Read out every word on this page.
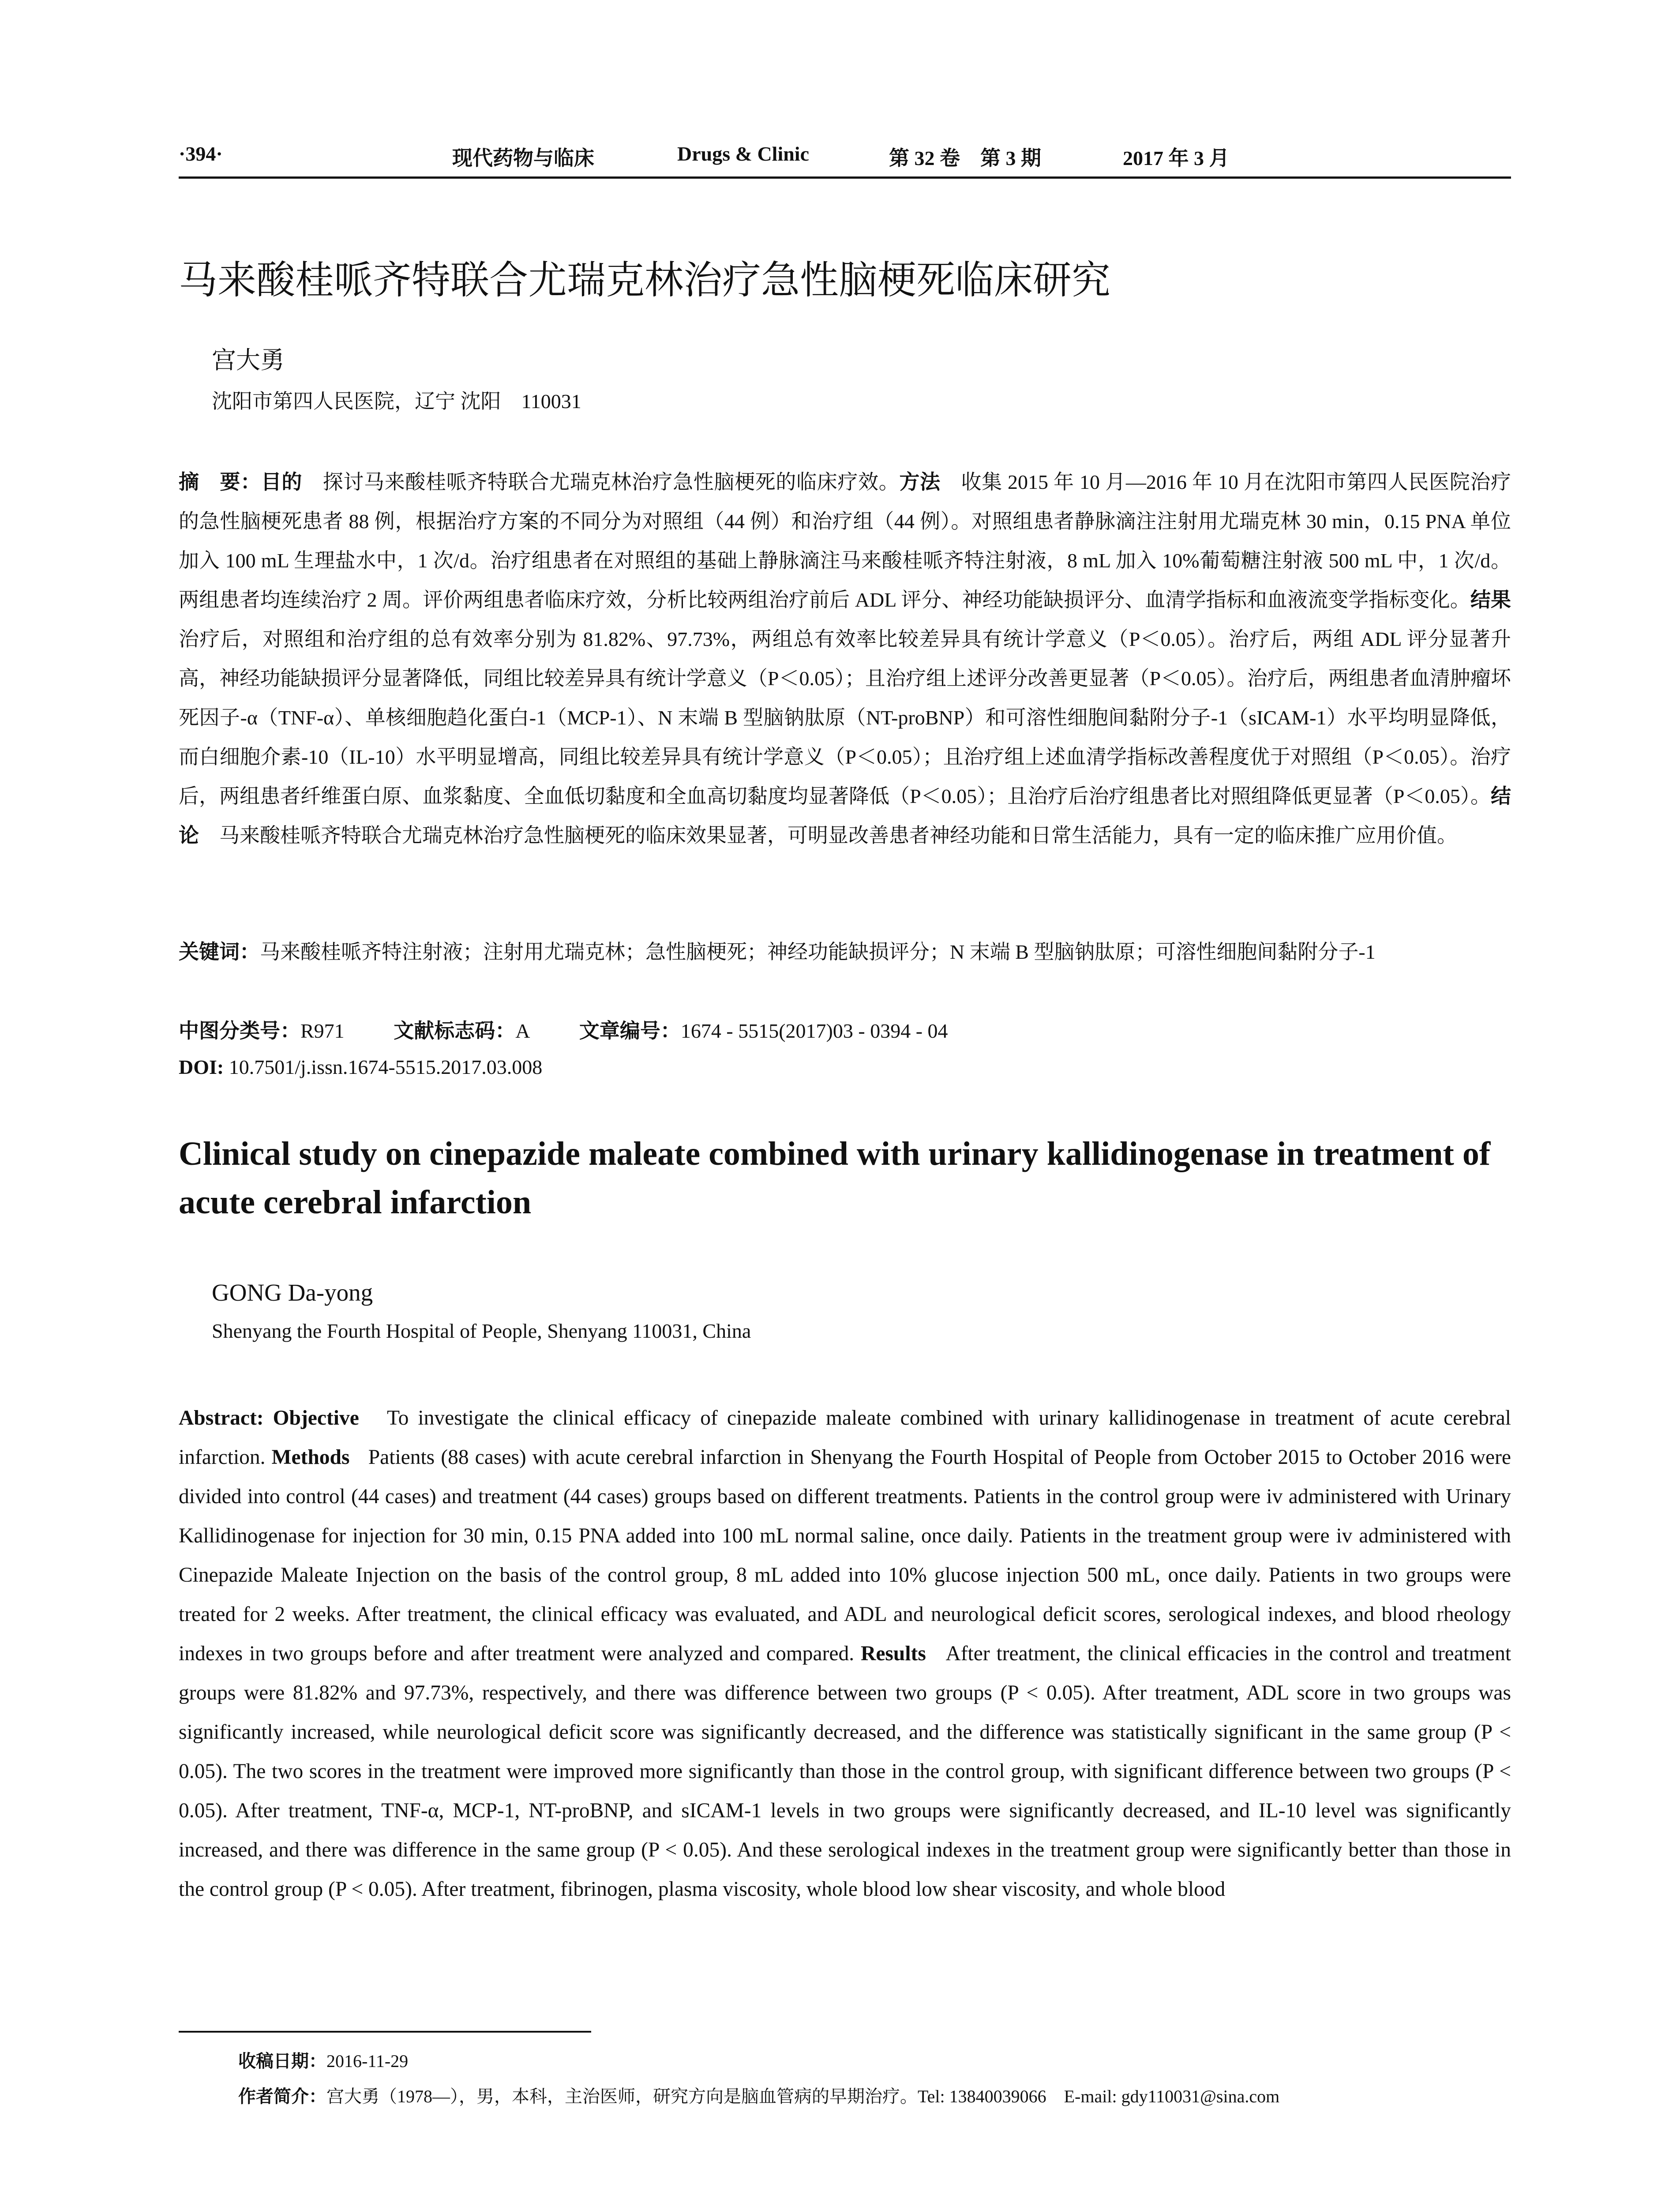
·394·	现代药物与临床	Drugs & Clinic	第 32 卷　第 3 期	2017 年 3 月
马来酸桂哌齐特联合尤瑞克林治疗急性脑梗死临床研究
宫大勇
沈阳市第四人民医院，辽宁 沈阳　110031
摘　要：目的　 探讨马来酸桂哌齐特联合尤瑞克林治疗急性脑梗死的临床疗效。方法　 收集 2015 年 10 月—2016 年 10 月在沈阳市第四人民医院治疗的急性脑梗死患者 88 例，根据治疗方案的不同分为对照组（44 例）和治疗组（44 例）。对照组患者静脉滴注注射用尤瑞克林 30 min，0.15 PNA 单位加入 100 mL 生理盐水中，1 次/d。治疗组患者在对照组的基础上静脉滴注马来酸桂哌齐特注射液，8 mL 加入 10%葡萄糖注射液 500 mL 中，1 次/d。两组患者均连续治疗 2 周。评价两组患者临床疗效，分析比较两组治疗前后 ADL 评分、神经功能缺损评分、血清学指标和血液流变学指标变化。结果　治疗后，对照组和治疗组的总有效率分别为 81.82%、97.73%，两组总有效率比较差异具有统计学意义（P＜0.05）。治疗后，两组 ADL 评分显著升高，神经功能缺损评分显著降低，同组比较差异具有统计学意义（P＜0.05）；且治疗组上述评分改善更显著（P＜0.05）。治疗后，两组患者血清肿瘤坏死因子-α（TNF-α）、单核细胞趋化蛋白-1（MCP-1）、N 末端 B 型脑钠肽原（NT-proBNP）和可溶性细胞间黏附分子-1（sICAM-1）水平均明显降低，而白细胞介素-10（IL-10）水平明显增高，同组比较差异具有统计学意义（P＜0.05）；且治疗组上述血清学指标改善程度优于对照组（P＜0.05）。治疗后，两组患者纤维蛋白原、血浆黏度、全血低切黏度和全血高切黏度均显著降低（P＜0.05）；且治疗后治疗组患者比对照组降低更显著（P＜0.05）。结论　 马来酸桂哌齐特联合尤瑞克林治疗急性脑梗死的临床效果显著，可明显改善患者神经功能和日常生活能力，具有一定的临床推广应用价值。
关键词：马来酸桂哌齐特注射液；注射用尤瑞克林；急性脑梗死；神经功能缺损评分；N 末端 B 型脑钠肽原；可溶性细胞间黏附分子-1
中图分类号：R971 文献标志码：A 文章编号：1674 - 5515(2017)03 - 0394 - 04
DOI: 10.7501/j.issn.1674-5515.2017.03.008
Clinical study on cinepazide maleate combined with urinary kallidinogenase in treatment of acute cerebral infarction
GONG Da-yong
Shenyang the Fourth Hospital of People, Shenyang 110031, China
Abstract: Objective To investigate the clinical efficacy of cinepazide maleate combined with urinary kallidinogenase in treatment of acute cerebral infarction. Methods Patients (88 cases) with acute cerebral infarction in Shenyang the Fourth Hospital of People from October 2015 to October 2016 were divided into control (44 cases) and treatment (44 cases) groups based on different treatments. Patients in the control group were iv administered with Urinary Kallidinogenase for injection for 30 min, 0.15 PNA added into 100 mL normal saline, once daily. Patients in the treatment group were iv administered with Cinepazide Maleate Injection on the basis of the control group, 8 mL added into 10% glucose injection 500 mL, once daily. Patients in two groups were treated for 2 weeks. After treatment, the clinical efficacy was evaluated, and ADL and neurological deficit scores, serological indexes, and blood rheology indexes in two groups before and after treatment were analyzed and compared. Results After treatment, the clinical efficacies in the control and treatment groups were 81.82% and 97.73%, respectively, and there was difference between two groups (P < 0.05). After treatment, ADL score in two groups was significantly increased, while neurological deficit score was significantly decreased, and the difference was statistically significant in the same group (P < 0.05). The two scores in the treatment were improved more significantly than those in the control group, with significant difference between two groups (P < 0.05). After treatment, TNF-α, MCP-1, NT-proBNP, and sICAM-1 levels in two groups were significantly decreased, and IL-10 level was significantly increased, and there was difference in the same group (P < 0.05). And these serological indexes in the treatment group were significantly better than those in the control group (P < 0.05). After treatment, fibrinogen, plasma viscosity, whole blood low shear viscosity, and whole blood
收稿日期：2016-11-29
作者简介：宫大勇（1978—），男，本科，主治医师，研究方向是脑血管病的早期治疗。Tel: 13840039066　E-mail: gdy110031@sina.com
